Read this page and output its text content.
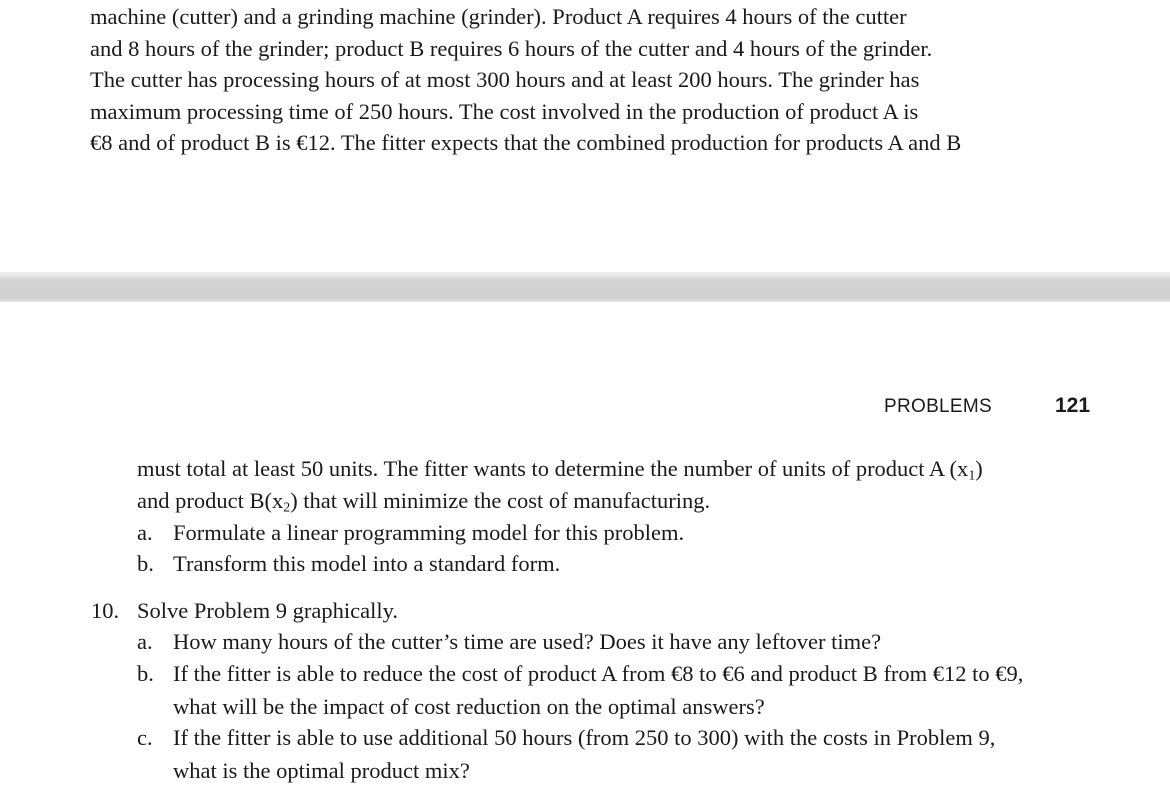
machine (cutter) and a grinding machine (grinder). Product A requires 4 hours of the cutter
and 8 hours of the grinder; product B requires 6 hours of the cutter and 4 hours of the grinder.
The cutter has processing hours of at most 300 hours and at least 200 hours. The grinder has
maximum processing time of 250 hours. The cost involved in the production of product A is
€8 and of product B is €12. The fitter expects that the combined production for products A and B
PROBLEMS	121
must total at least 50 units. The fitter wants to determine the number of units of product A $(x_1)$
and product $B(x_2)$ that will minimize the cost of manufacturing.
a. Formulate a linear programming model for this problem.
b. Transform this model into a standard form.
10. Solve Problem 9 graphically.
a. How many hours of the cutter’s time are used? Does it have any leftover time?
b. If the fitter is able to reduce the cost of product A from €8 to €6 and product B from €12 to €9,
what will be the impact of cost reduction on the optimal answers?
c. If the fitter is able to use additional 50 hours (from 250 to 300) with the costs in Problem 9,
what is the optimal product mix?
